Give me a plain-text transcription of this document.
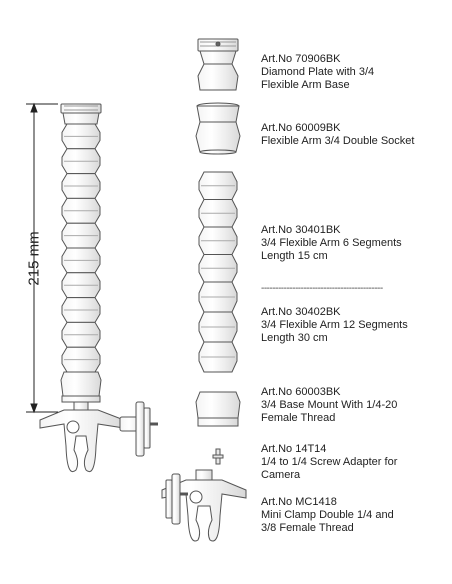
215 mm
Art.No 70906BK
Diamond Plate with 3/4
Flexible Arm Base
Art.No 60009BK
Flexible Arm 3/4 Double Socket
Art.No 30401BK
3/4 Flexible Arm 6 Segments
Length 15 cm
-------------------------------------------
Art.No 30402BK
3/4 Flexible Arm 12 Segments
Length 30 cm
Art.No 60003BK
3/4 Base Mount With 1/4-20
Female Thread
Art.No 14T14
1/4 to 1/4 Screw Adapter for
Camera
Art.No MC1418
Mini Clamp Double 1/4 and
3/8 Female Thread
